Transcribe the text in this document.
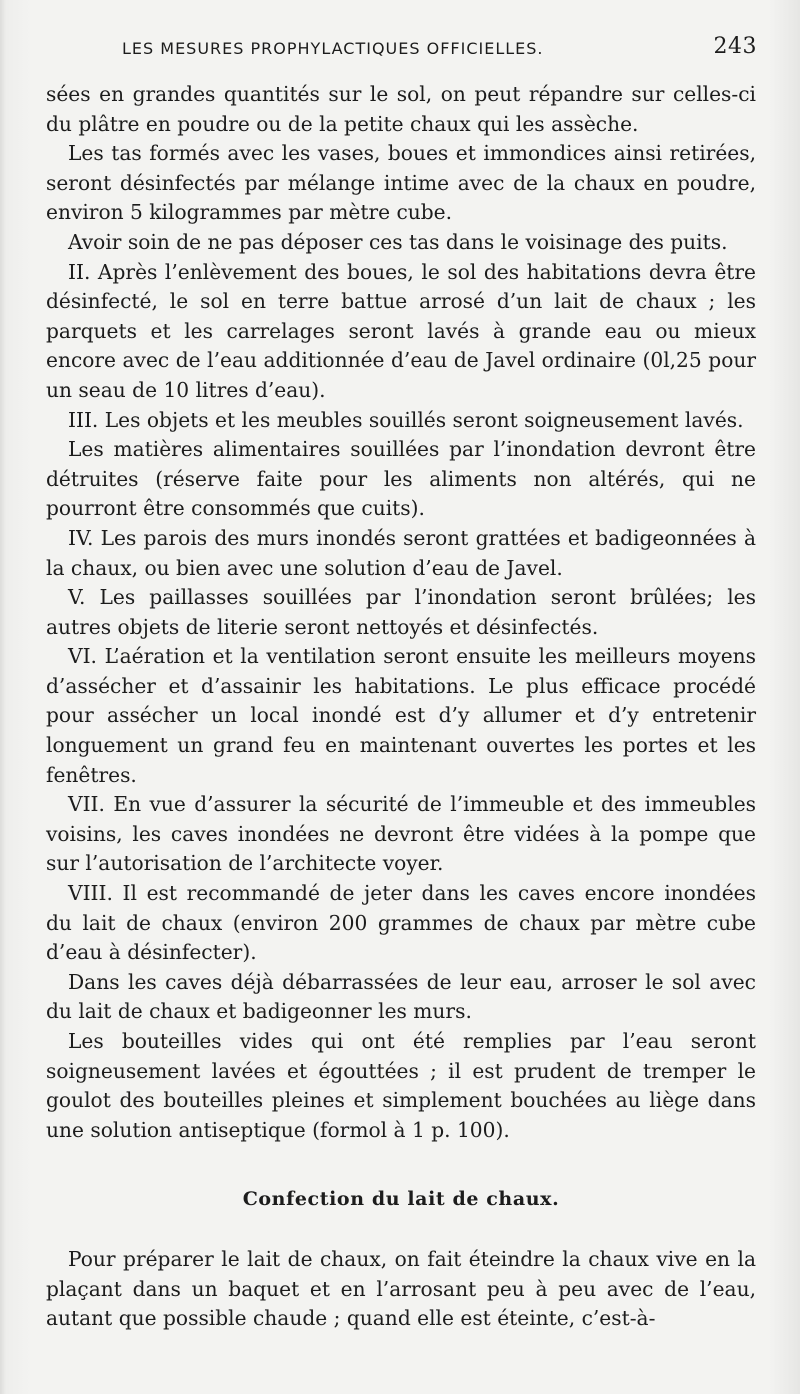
LES MESURES PROPHYLACTIQUES OFFICIELLES.	243

sées en grandes quantités sur le sol, on peut répandre sur celles-ci du plâtre en poudre ou de la petite chaux qui les assèche.

Les tas formés avec les vases, boues et immondices ainsi retirées, seront désinfectés par mélange intime avec de la chaux en poudre, environ 5 kilogrammes par mètre cube.

Avoir soin de ne pas déposer ces tas dans le voisinage des puits.

II. Après l’enlèvement des boues, le sol des habitations devra être désinfecté, le sol en terre battue arrosé d’un lait de chaux ; les parquets et les carrelages seront lavés à grande eau ou mieux encore avec de l’eau additionnée d’eau de Javel ordinaire (0l,25 pour un seau de 10 litres d’eau).

III. Les objets et les meubles souillés seront soigneusement lavés.

Les matières alimentaires souillées par l’inondation devront être détruites (réserve faite pour les aliments non altérés, qui ne pourront être consommés que cuits).

IV. Les parois des murs inondés seront grattées et badigeonnées à la chaux, ou bien avec une solution d’eau de Javel.

V. Les paillasses souillées par l’inondation seront brûlées; les autres objets de literie seront nettoyés et désinfectés.

VI. L’aération et la ventilation seront ensuite les meilleurs moyens d’assécher et d’assainir les habitations. Le plus efficace procédé pour assécher un local inondé est d’y allumer et d’y entretenir longuement un grand feu en maintenant ouvertes les portes et les fenêtres.

VII. En vue d’assurer la sécurité de l’immeuble et des immeubles voisins, les caves inondées ne devront être vidées à la pompe que sur l’autorisation de l’architecte voyer.

VIII. Il est recommandé de jeter dans les caves encore inondées du lait de chaux (environ 200 grammes de chaux par mètre cube d’eau à désinfecter).

Dans les caves déjà débarrassées de leur eau, arroser le sol avec du lait de chaux et badigeonner les murs.

Les bouteilles vides qui ont été remplies par l’eau seront soigneusement lavées et égouttées ; il est prudent de tremper le goulot des bouteilles pleines et simplement bouchées au liège dans une solution antiseptique (formol à 1 p. 100).

Confection du lait de chaux.

Pour préparer le lait de chaux, on fait éteindre la chaux vive en la plaçant dans un baquet et en l’arrosant peu à peu avec de l’eau, autant que possible chaude ; quand elle est éteinte, c’est-à-
